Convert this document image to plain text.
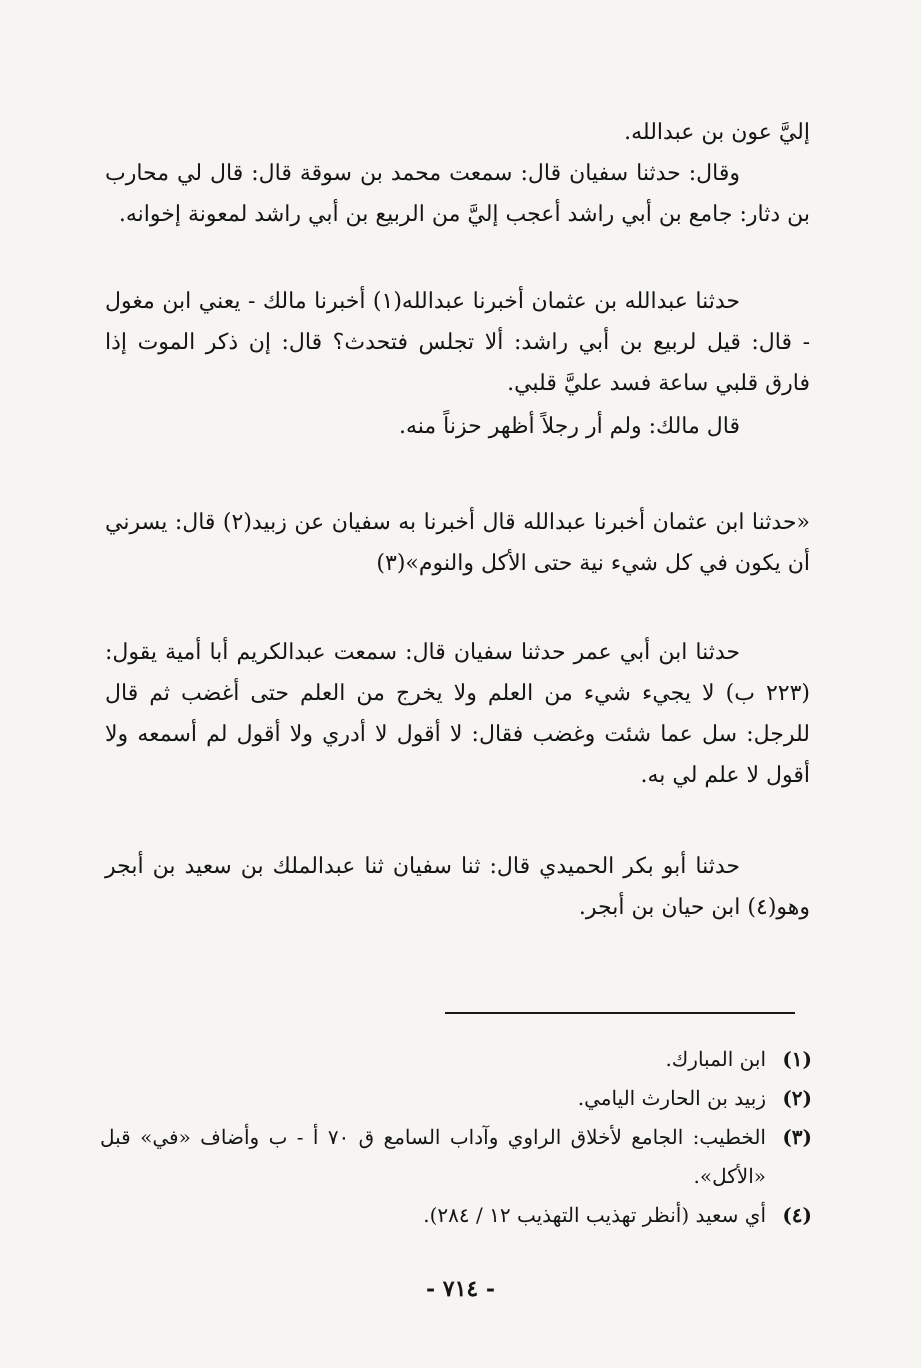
إليَّ عون بن عبدالله.

وقال: حدثنا سفيان قال: سمعت محمد بن سوقة قال: قال لي محارب بن دثار: جامع بن أبي راشد أعجب إليَّ من الربيع بن أبي راشد لمعونة إخوانه.

حدثنا عبدالله بن عثمان أخبرنا عبدالله(١) أخبرنا مالك - يعني ابن مغول - قال: قيل لربيع بن أبي راشد: ألا تجلس فتحدث؟ قال: إن ذكر الموت إذا فارق قلبي ساعة فسد عليَّ قلبي.

قال مالك: ولم أر رجلاً أظهر حزناً منه.

«حدثنا ابن عثمان أخبرنا عبدالله قال أخبرنا به سفيان عن زبيد(٢) قال: يسرني أن يكون في كل شيء نية حتى الأكل والنوم»(٣)

حدثنا ابن أبي عمر حدثنا سفيان قال: سمعت عبدالكريم أبا أمية يقول: (٢٢٣ ب) لا يجيء شيء من العلم ولا يخرج من العلم حتى أغضب ثم قال للرجل: سل عما شئت وغضب فقال: لا أقول لا أدري ولا أقول لم أسمعه ولا أقول لا علم لي به.

حدثنا أبو بكر الحميدي قال: ثنا سفيان ثنا عبدالملك بن سعيد بن أبجر وهو(٤) ابن حيان بن أبجر.

(١)
ابن المبارك.
(٢)
زبيد بن الحارث اليامي.
(٣)
الخطيب: الجامع لأخلاق الراوي وآداب السامع ق ٧٠ أ - ب وأضاف «في» قبل «الأكل».
(٤)
أي سعيد (أنظر تهذيب التهذيب ١٢ / ٢٨٤).
- ٧١٤ -
